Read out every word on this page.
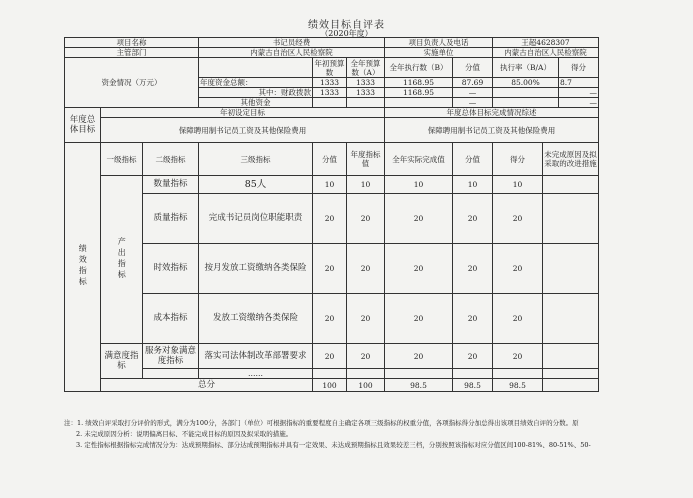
绩效目标自评表
（2020年度）
项目名称			书记员经费			项目负责人及电话		王超4628307		
主管部门			内蒙古自治区人民检察院			实施单位		内蒙古自治区人民检察院		
资金情况（万元）				年初预算数	全年预算数（A）	全年执行数（B）	分值	执行率（B/A）		得分
			年度资金总额：	1333	1333	1168.95	87.69	85.00%		8.7
			其中：财政拨款	1333	1333	1168.95	—			—
			其他资金				—			—
年度总体目标	年初设定目标					年度总体目标完成情况综述				
	保障聘用制书记员工资及其他保险费用					保障聘用制书记员工资及其他保险费用				
绩效指标	一级指标	二级指标	三级指标	分值	年度指标值	全年实际完成值	分值	得分	未完成原因及拟采取的改进措施	
	产出指标	数量指标	85人	10	10	10	10	10		
		质量指标	完成书记员岗位职能职责	20	20	20	20	20		
		时效指标	按月发放工资缴纳各类保险	20	20	20	20	20		
		成本指标	发放工资缴纳各类保险	20	20	20	20	20		
	满意度指标	服务对象满意度指标	落实司法体制改革部署要求	20	20	20	20	20		
			……							
	总分			100	100	98.5	98.5	98.5		
注：1. 绩效自评采取打分评价的形式，满分为100分，各部门（单位）可根据指标的重要程度自主确定各项三级指标的权重分值，各项指标得分加总得出该项目绩效自评的分数。原
2. 未完成原因分析：说明偏离目标、不能完成目标的原因及拟采取的措施。
3. 定性指标根据指标完成情况分为：达成预期指标、部分达成预期指标并具有一定效果、未达成预期指标且效果较差三档，分别按照该指标对应分值区间100-81%、80-51%、50-
